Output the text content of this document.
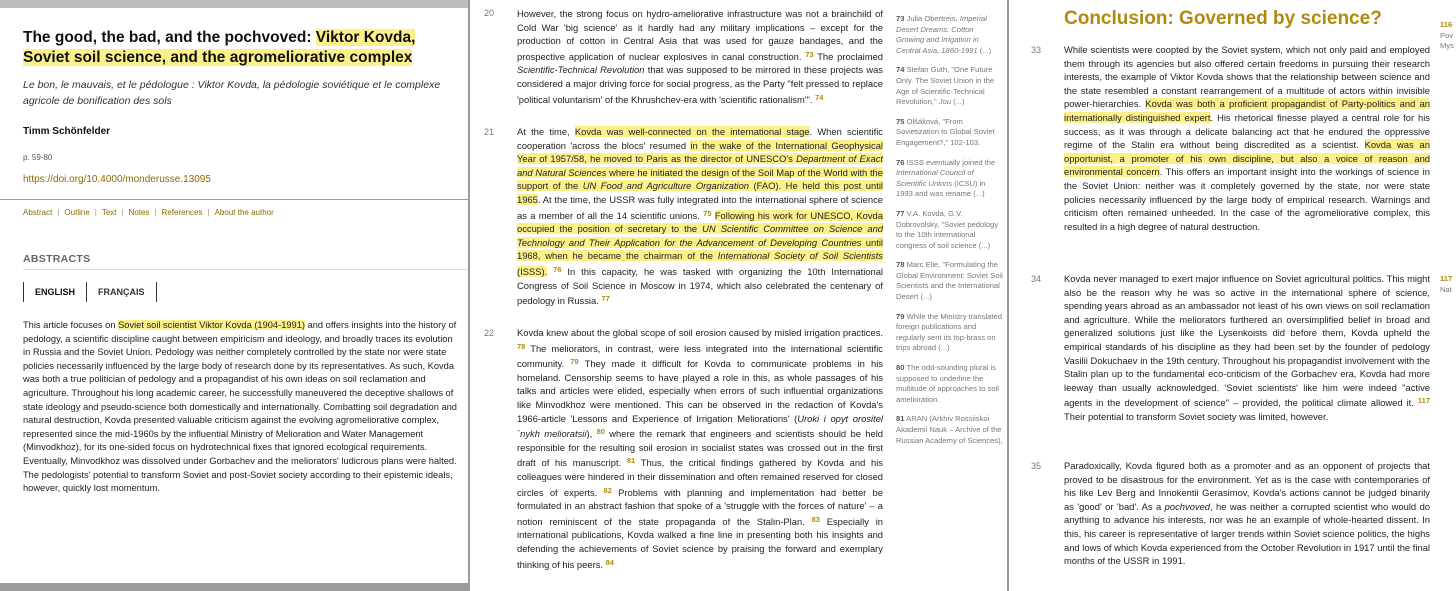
The good, the bad, and the pochvoved: Viktor Kovda, Soviet soil science, and the agromeliorative complex

Le bon, le mauvais, et le pédologue : Viktor Kovda, la pédologie soviétique et le complexe agricole de bonification des sols

Timm Schönfelder
p. 59-80
https://doi.org/10.4000/monderusse.13095
Abstract | Outline | Text | Notes | References | About the author
ABSTRACTS
ENGLISH	FRANÇAIS

This article focuses on Soviet soil scientist Viktor Kovda (1904-1991) and offers insights into the history of pedology, a scientific discipline caught between empiricism and ideology, and broadly traces its evolution in Russia and the Soviet Union. Pedology was neither completely controlled by the state nor were state policies necessarily influenced by the large body of research done by its representatives. As such, Kovda was both a true politician of pedology and a propagandist of his own ideas on soil reclamation and agriculture. Throughout his long academic career, he successfully maneuvered the deceptive shallows of state ideology and pseudo-science both domestically and internationally. Combatting soil degradation and natural destruction, Kovda presented valuable criticism against the evolving agromeliorative complex, represented since the mid-1960s by the influential Ministry of Melioration and Water Management (Minvodkhoz), for its one-sided focus on hydrotechnical fixes that ignored ecological requirements. Eventually, Minvodkhoz was dissolved under Gorbachev and the meliorators' ludicrous plans were halted. The pedologists' potential to transform Soviet and post-Soviet society according to their epistemic ideals, however, quickly lost momentum.

20 However, the strong focus on hydro-ameliorative infrastructure was not a brainchild of Cold War 'big science' as it hardly had any military implications – except for the production of cotton in Central Asia that was used for gauze bandages, and the prospective application of nuclear explosives in canal construction. $^{73}$ The proclaimed Scientific-Technical Revolution that was supposed to be mirrored in these projects was considered a major driving force for social progress, as the Party "felt pressed to replace 'political voluntarism' of the Khrushchev-era with 'scientific rationalism'". $^{74}$

21 At the time, Kovda was well-connected on the international stage. When scientific cooperation 'across the blocs' resumed in the wake of the International Geophysical Year of 1957/58, he moved to Paris as the director of UNESCO's Department of Exact and Natural Sciences where he initiated the design of the Soil Map of the World with the support of the UN Food and Agriculture Organization (FAO). He held this post until 1965. At the time, the USSR was fully integrated into the international sphere of science as a member of all the 14 scientific unions. $^{75}$ Following his work for UNESCO, Kovda occupied the position of secretary to the UN Scientific Committee on Science and Technology and Their Application for the Advancement of Developing Countries until 1968, when he became the chairman of the International Society of Soil Scientists (ISSS). $^{76}$ In this capacity, he was tasked with organizing the 10th International Congress of Soil Science in Moscow in 1974, which also celebrated the centenary of pedology in Russia. $^{77}$

22 Kovda knew about the global scope of soil erosion caused by misled irrigation practices. $^{78}$ The meliorators, in contrast, were less integrated into the international scientific community. $^{79}$ They made it difficult for Kovda to communicate problems in his homeland. Censorship seems to have played a role in this, as whole passages of his talks and articles were elided, especially when errors of such influential organizations like Minvodkhoz were mentioned. This can be observed in the redaction of Kovda's 1966-article 'Lessons and Experience of Irrigation Meliorations' (Uroki i opyt orositel´nykh melioratsii), $^{80}$ where the remark that engineers and scientists should be held responsible for the resulting soil erosion in socialist states was crossed out in the first draft of his manuscript. $^{81}$ Thus, the critical findings gathered by Kovda and his colleagues were hindered in their dissemination and often remained reserved for closed circles of experts. $^{82}$ Problems with planning and implementation had better be formulated in an abstract fashion that spoke of a 'struggle with the forces of nature' – a notion reminiscent of the state propaganda of the Stalin-Plan. $^{83}$ Especially in international publications, Kovda walked a fine line in presenting both his insights and defending the achievements of Soviet science by praising the forward and exemplary thinking of his peers. $^{84}$

73 Julia Obertreis, Imperial Desert Dreams: Cotton Growing and Irrigation in Central Asia, 1860-1991 (...)
74 Stefan Guth, "One Future Only. The Soviet Union in the Age of Scientific-Technical Revolution," Jou (...)
75 Olšáková, "From Sovietization to Global Soviet Engagement?," 102-103.
76 ISSS eventually joined the International Council of Scientific Unions (ICSU) in 1993 and was rename (...)
77 V.A. Kovda, G.V. Dobrovolsky, "Soviet pedology to the 10th international congress of soil science (...)
78 Marc Elie, "Formulating the Global Environment: Soviet Soil Scientists and the International Desert (...)
79 While the Ministry translated foreign publications and regularly sent its top-brass on trips abroad (...)
80 The odd-sounding plural is supposed to underline the multitude of approaches to soil amelioration.
81 ARAN (Arkhiv Rossiiskoi Akademii Nauk – Archive of the Russian Academy of Sciences),
Conclusion: Governed by science?
33 While scientists were coopted by the Soviet system, which not only paid and employed them through its agencies but also offered certain freedoms in pursuing their research interests, the example of Viktor Kovda shows that the relationship between science and the state resembled a constant rearrangement of a multitude of actors within invisible power-hierarchies. Kovda was both a proficient propagandist of Party-politics and an internationally distinguished expert. His rhetorical finesse played a central role for his success, as it was through a delicate balancing act that he endured the oppressive regime of the Stalin era without being discredited as a scientist. Kovda was an opportunist, a promoter of his own discipline, but also a voice of reason and environmental concern. This offers an important insight into the workings of science in the Soviet Union: neither was it completely governed by the state, nor were state policies necessarily influenced by the large body of empirical research. Warnings and criticism often remained unheeded. In the case of the agromeliorative complex, this resulted in a high degree of natural destruction.

34 Kovda never managed to exert major influence on Soviet agricultural politics. This might also be the reason why he was so active in the international sphere of science, spending years abroad as an ambassador not least of his own views on soil reclamation and agriculture. While the meliorators furthered an oversimplified belief in broad and generalized solutions just like the Lysenkoists did before them, Kovda upheld the empirical standards of his discipline as they had been set by the founder of pedology Vasilii Dokuchaev in the 19th century. Throughout his propagandist involvement with the Stalin plan up to the fundamental eco-criticism of the Gorbachev era, Kovda had more leeway than usually acknowledged. 'Soviet scientists' like him were indeed "active agents in the development of science" – provided, the political climate allowed it. $^{117}$ Their potential to transform Soviet society was limited, however.

35 Paradoxically, Kovda figured both as a promoter and as an opponent of projects that proved to be disastrous for the environment. Yet as is the case with contemporaries of his like Lev Berg and Innokentii Gerasimov, Kovda's actions cannot be judged binarily as 'good' or 'bad'. As a pochvoved, he was neither a corrupted scientist who would do anything to advance his interests, nor was he an example of whole-hearted dissent. In this, his career is representative of larger trends within Soviet science politics, the highs and lows of which Kovda experienced from the October Revolution in 1917 until the final months of the USSR in 1991.

116 Pov Mys
117 Nat
